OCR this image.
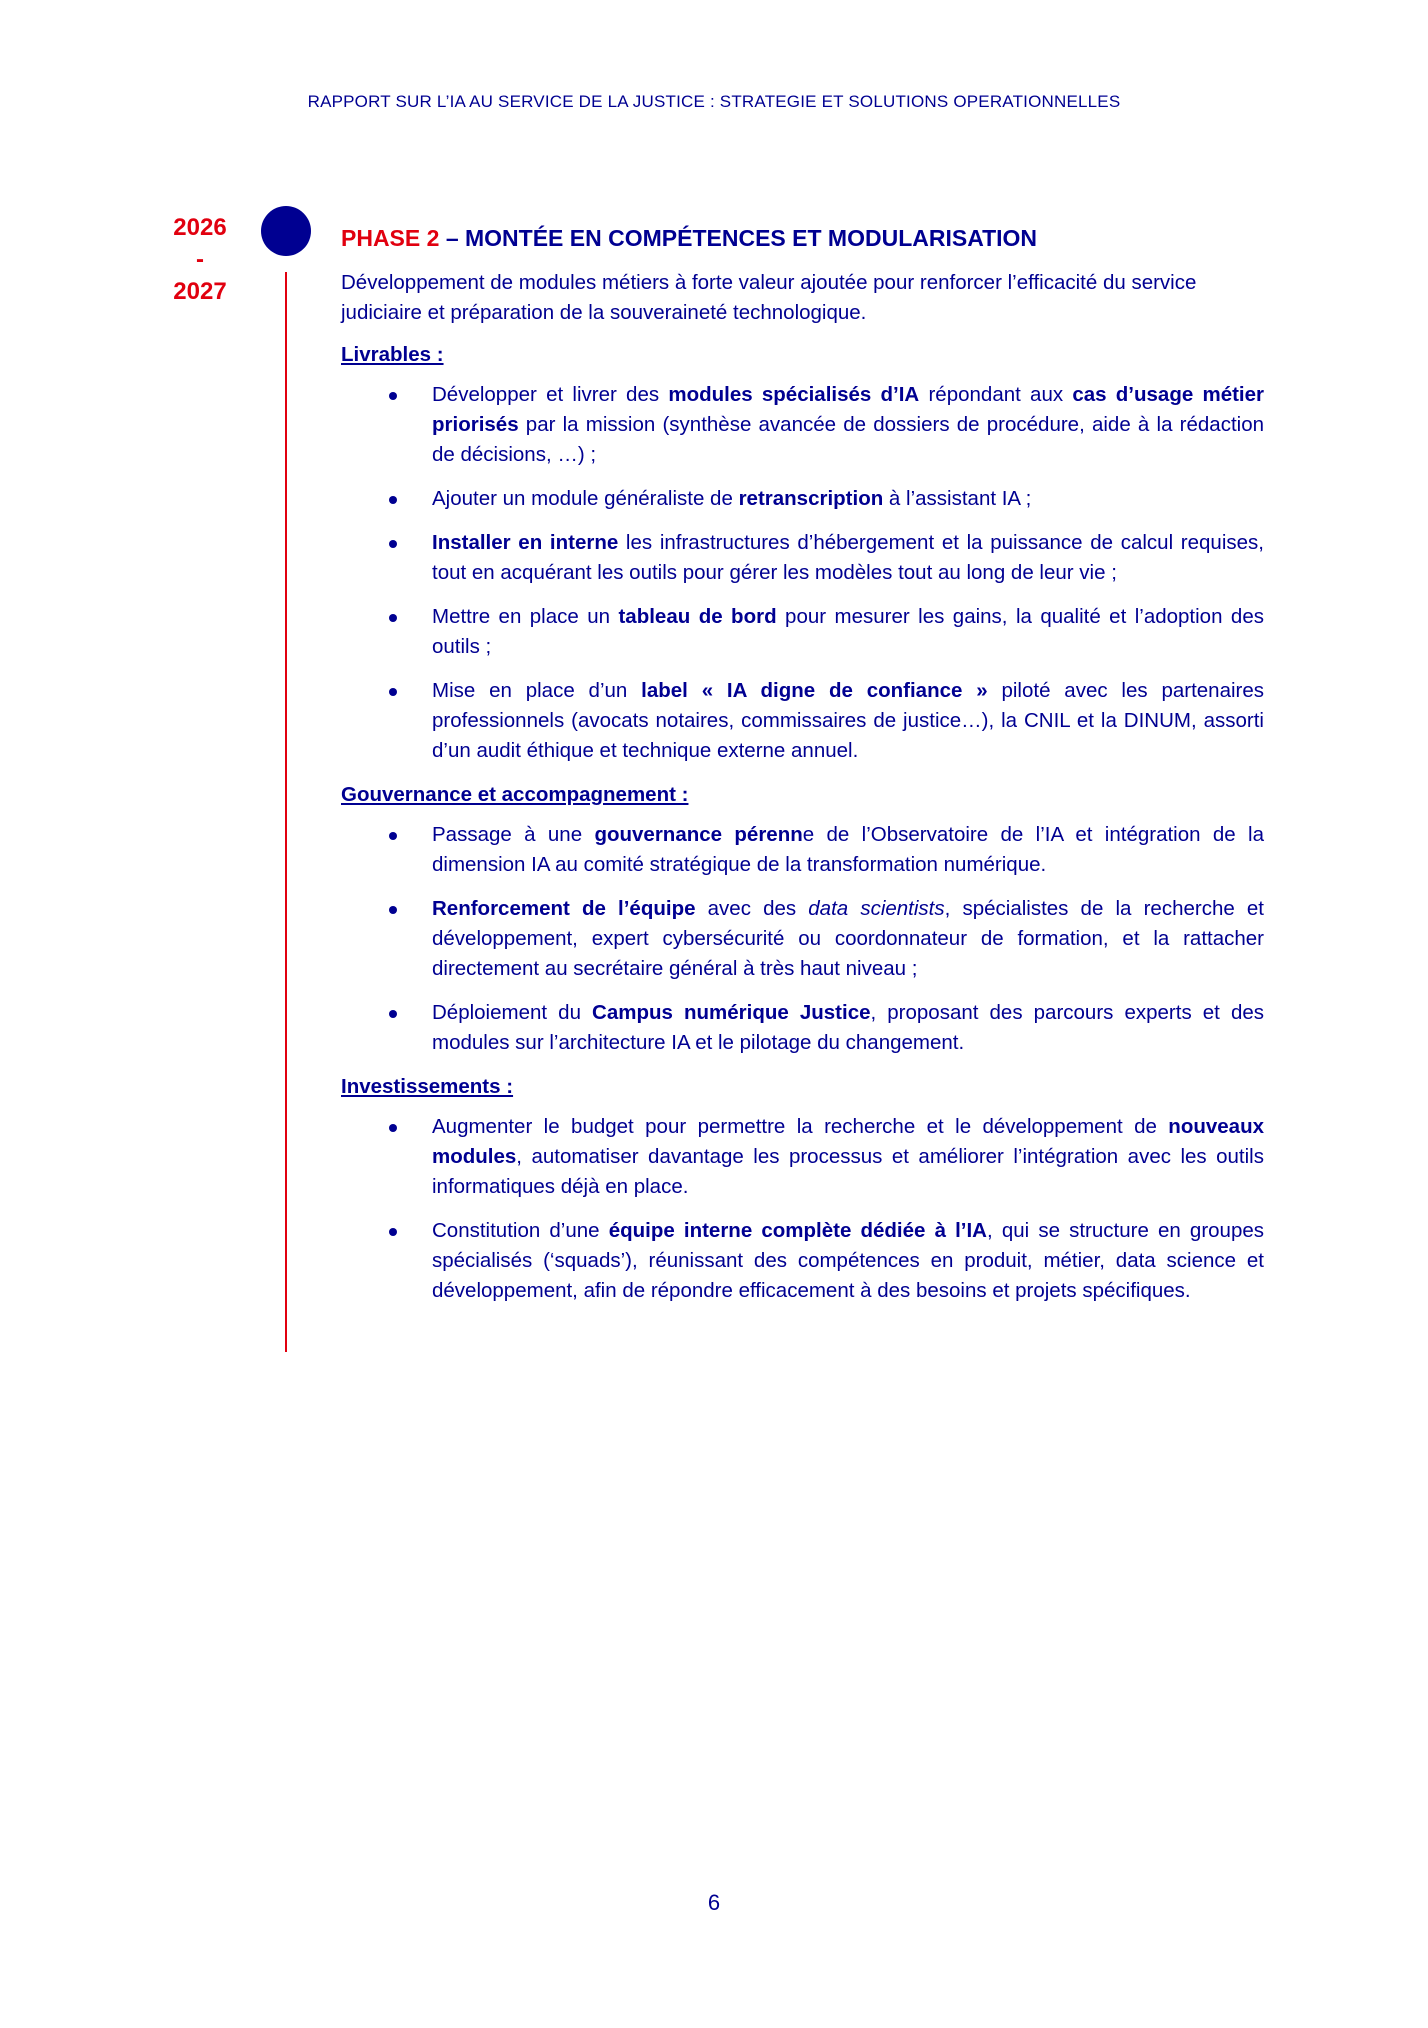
RAPPORT SUR L’IA AU SERVICE DE LA JUSTICE : STRATEGIE ET SOLUTIONS OPERATIONNELLES
2026
-
2027
PHASE 2 – MONTÉE EN COMPÉTENCES ET MODULARISATION
Développement de modules métiers à forte valeur ajoutée pour renforcer l’efficacité du service judiciaire et préparation de la souveraineté technologique.
Livrables :
Développer et livrer des modules spécialisés d’IA répondant aux cas d’usage métier priorisés par la mission (synthèse avancée de dossiers de procédure, aide à la rédaction de décisions, …) ;
Ajouter un module généraliste de retranscription à l’assistant IA ;
Installer en interne les infrastructures d’hébergement et la puissance de calcul requises, tout en acquérant les outils pour gérer les modèles tout au long de leur vie ;
Mettre en place un tableau de bord pour mesurer les gains, la qualité et l’adoption des outils ;
Mise en place d’un label « IA digne de confiance » piloté avec les partenaires professionnels (avocats notaires, commissaires de justice…), la CNIL et la DINUM, assorti d’un audit éthique et technique externe annuel.
Gouvernance et accompagnement :
Passage à une gouvernance pérenne de l’Observatoire de l’IA et intégration de la dimension IA au comité stratégique de la transformation numérique.
Renforcement de l’équipe avec des data scientists, spécialistes de la recherche et développement, expert cybersécurité ou coordonnateur de formation, et la rattacher directement au secrétaire général à très haut niveau ;
Déploiement du Campus numérique Justice, proposant des parcours experts et des modules sur l’architecture IA et le pilotage du changement.
Investissements :
Augmenter le budget pour permettre la recherche et le développement de nouveaux modules, automatiser davantage les processus et améliorer l’intégration avec les outils informatiques déjà en place.
Constitution d’une équipe interne complète dédiée à l’IA, qui se structure en groupes spécialisés (‘squads’), réunissant des compétences en produit, métier, data science et développement, afin de répondre efficacement à des besoins et projets spécifiques.
6
